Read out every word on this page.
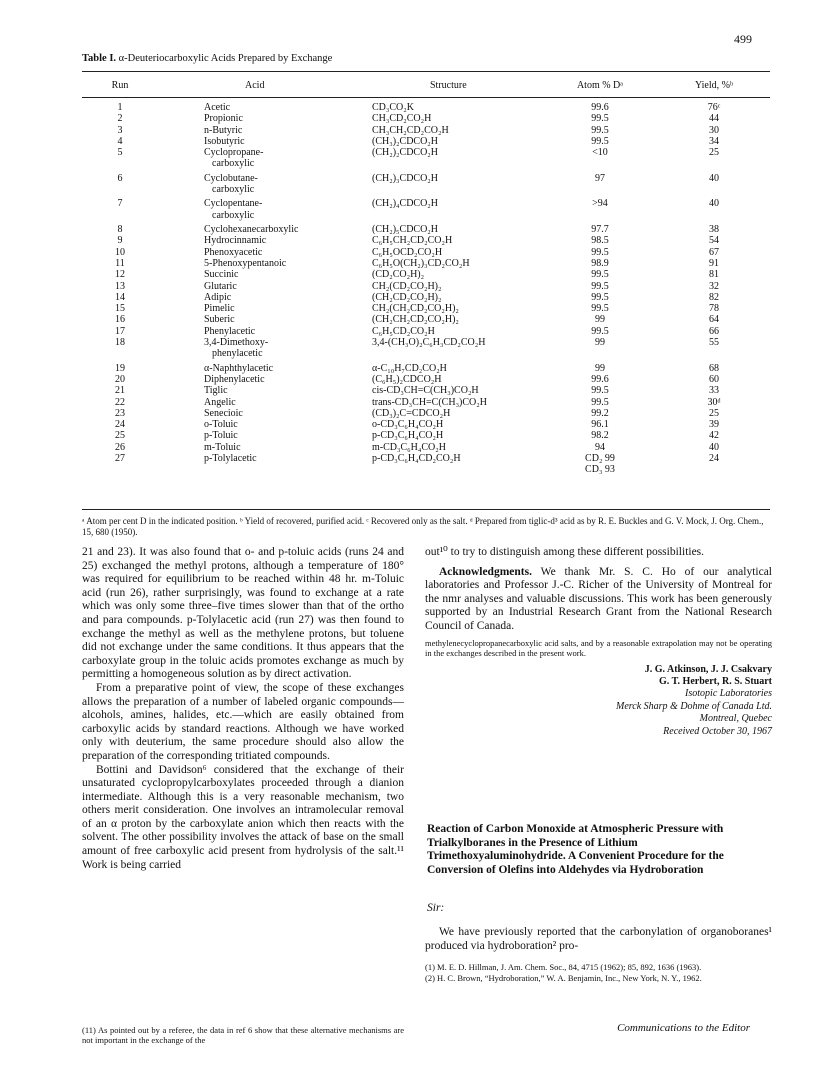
499
Table I. α-Deuteriocarboxylic Acids Prepared by Exchange
Run	Acid	Structure	Atom % Dᵃ	Yield, %ᵇ
1	Acetic	CD₃CO₂K	99.6	76ᶜ
2	Propionic	CH₃CD₂CO₂H	99.5	44
3	n-Butyric	CH₃CH₂CD₂CO₂H	99.5	30
4	Isobutyric	(CH₃)₂CDCO₂H	99.5	34
5	Cyclopropane-	(CH₂)₂CDCO₂H	<10	25
carboxylic
6	Cyclobutane-	(CH₂)₃CDCO₂H	97	40
carboxylic
7	Cyclopentane-	(CH₂)₄CDCO₂H	>94	40
carboxylic
8	Cyclohexanecarboxylic	(CH₂)₅CDCO₂H	97.7	38
9	Hydrocinnamic	C₆H₅CH₂CD₂CO₂H	98.5	54
10	Phenoxyacetic	C₆H₅OCD₂CO₂H	99.5	67
11	5-Phenoxypentanoic	C₆H₅O(CH₂)₃CD₂CO₂H	98.9	91
12	Succinic	(CD₂CO₂H)₂	99.5	81
13	Glutaric	CH₂(CD₂CO₂H)₂	99.5	32
14	Adipic	(CH₂CD₂CO₂H)₂	99.5	82
15	Pimelic	CH₂(CH₂CD₂CO₂H)₂	99.5	78
16	Suberic	(CH₂CH₂CD₂CO₂H)₂	99	64
17	Phenylacetic	C₆H₅CD₂CO₂H	99.5	66
18	3,4-Dimethoxy-	3,4-(CH₃O)₂C₆H₃CD₂CO₂H	99	55
phenylacetic
19	α-Naphthylacetic	α-C₁₀H₇CD₂CO₂H	99	68
20	Diphenylacetic	(C₆H₅)₂CDCO₂H	99.6	60
21	Tiglic	cis-CD₃CH=C(CH₃)CO₂H	99.5	33
22	Angelic	trans-CD₃CH=C(CH₃)CO₂H	99.5	30ᵈ
23	Senecioic	(CD₃)₂C=CDCO₂H	99.2	25
24	o-Toluic	o-CD₃C₆H₄CO₂H	96.1	39
25	p-Toluic	p-CD₃C₆H₄CO₂H	98.2	42
26	m-Toluic	m-CD₃C₆H₄CO₂H	94	40
27	p-Tolylacetic	p-CD₃C₆H₄CD₂CO₂H	CD₂ 99	24
CD₃ 93
ᵃ Atom per cent D in the indicated position. ᵇ Yield of recovered, purified acid. ᶜ Recovered only as the salt. ᵈ Prepared from tiglic-d³ acid as by R. E. Buckles and G. V. Mock, J. Org. Chem., 15, 680 (1950).

21 and 23). It was also found that o- and p-toluic acids (runs 24 and 25) exchanged the methyl protons, although a temperature of 180° was required for equilibrium to be reached within 48 hr. m-Toluic acid (run 26), rather surprisingly, was found to exchange at a rate which was only some three–five times slower than that of the ortho and para compounds. p-Tolylacetic acid (run 27) was then found to exchange the methyl as well as the methylene protons, but toluene did not exchange under the same conditions. It thus appears that the carboxylate group in the toluic acids promotes exchange as much by permitting a homogeneous solution as by direct activation.

From a preparative point of view, the scope of these exchanges allows the preparation of a number of labeled organic compounds—alcohols, amines, halides, etc.—which are easily obtained from carboxylic acids by standard reactions. Although we have worked only with deuterium, the same procedure should also allow the preparation of the corresponding tritiated compounds.

Bottini and Davidson⁶ considered that the exchange of their unsaturated cyclopropylcarboxylates proceeded through a dianion intermediate. Although this is a very reasonable mechanism, two others merit consideration. One involves an intramolecular removal of an α proton by the carboxylate anion which then reacts with the solvent. The other possibility involves the attack of base on the small amount of free carboxylic acid present from hydrolysis of the salt.¹¹ Work is being carried

(11) As pointed out by a referee, the data in ref 6 show that these alternative mechanisms are not important in the exchange of the

out¹⁰ to try to distinguish among these different possibilities.

Acknowledgments. We thank Mr. S. C. Ho of our analytical laboratories and Professor J.-C. Richer of the University of Montreal for the nmr analyses and valuable discussions. This work has been generously supported by an Industrial Research Grant from the National Research Council of Canada.

methylenecyclopropanecarboxylic acid salts, and by a reasonable extrapolation may not be operating in the exchanges described in the present work.

J. G. Atkinson, J. J. Csakvary
G. T. Herbert, R. S. Stuart
Isotopic Laboratories
Merck Sharp & Dohme of Canada Ltd.
Montreal, Quebec
Received October 30, 1967
Reaction of Carbon Monoxide at Atmospheric Pressure with Trialkylboranes in the Presence of Lithium Trimethoxyaluminohydride. A Convenient Procedure for the Conversion of Olefins into Aldehydes via Hydroboration
Sir:
We have previously reported that the carbonylation of organoboranes¹ produced via hydroboration² pro-
(1) M. E. D. Hillman, J. Am. Chem. Soc., 84, 4715 (1962); 85, 892, 1636 (1963).
(2) H. C. Brown, “Hydroboration,” W. A. Benjamin, Inc., New York, N. Y., 1962.
Communications to the Editor
